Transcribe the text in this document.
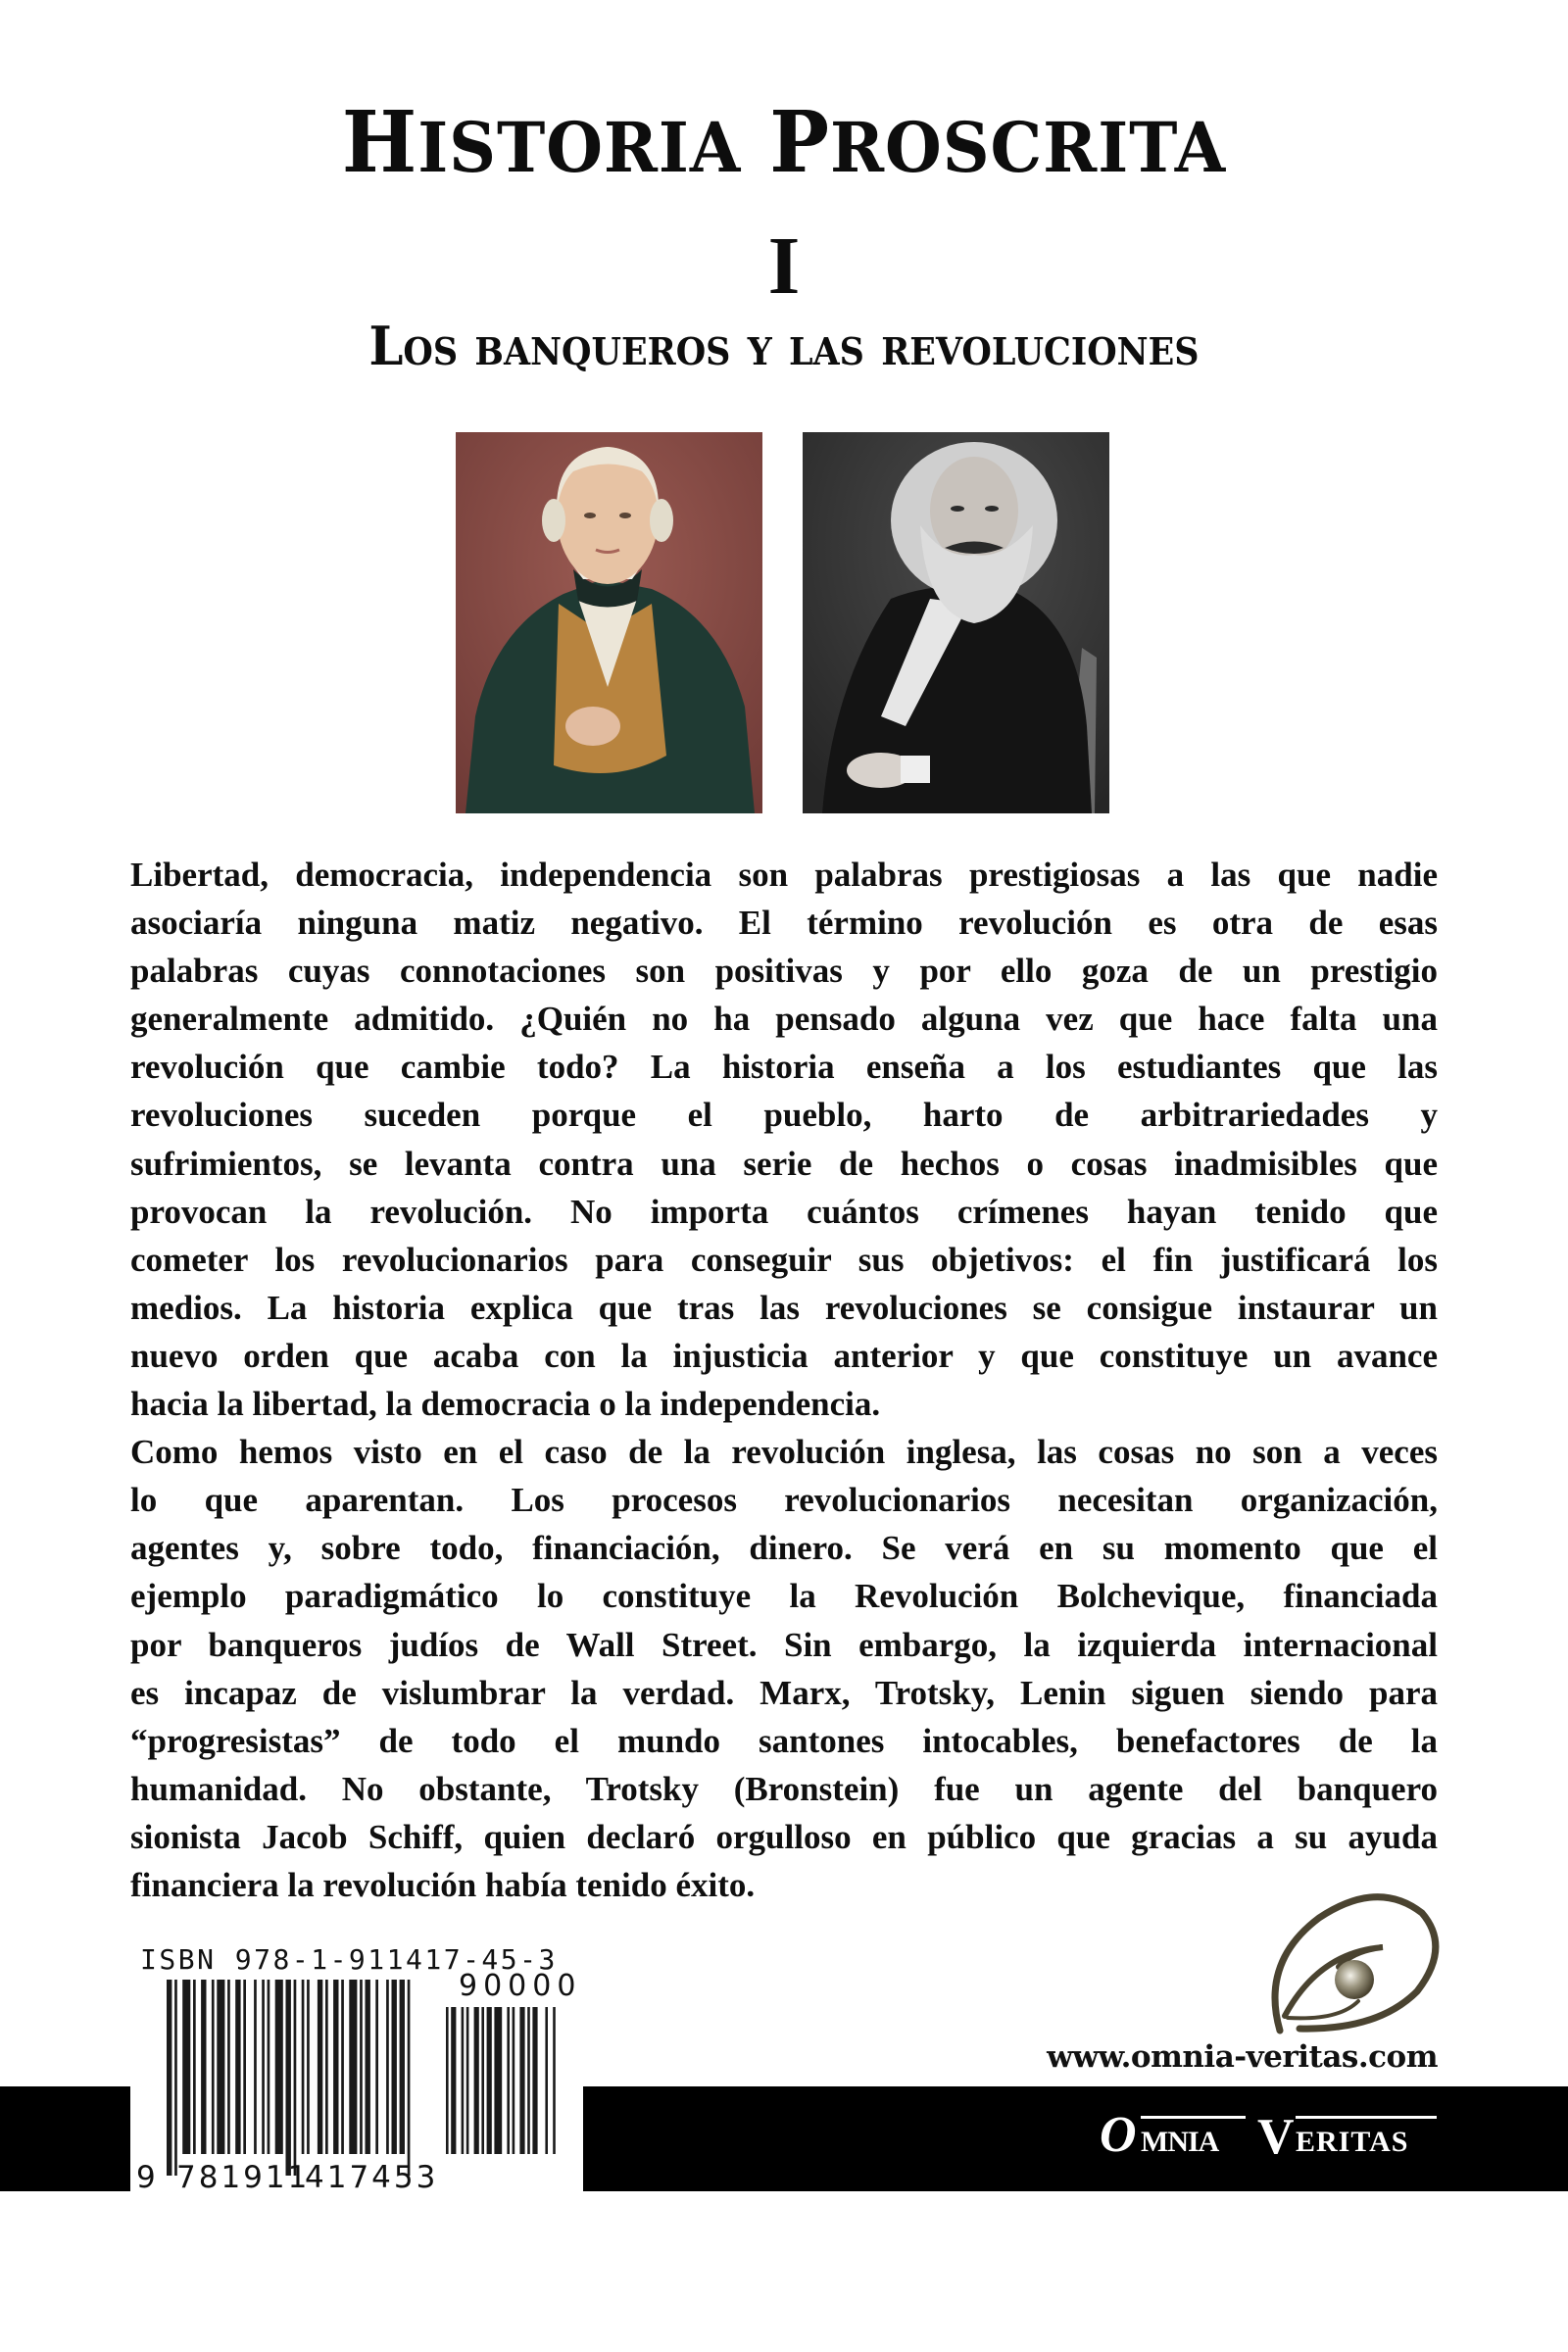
HISTORIA PROSCRITA
I
Los banqueros y las revoluciones
Libertad, democracia, independencia son palabras prestigiosas a las que nadie
asociaría ninguna matiz negativo. El término revolución es otra de esas
palabras cuyas connotaciones son positivas y por ello goza de un prestigio
generalmente admitido. ¿Quién no ha pensado alguna vez que hace falta una
revolución que cambie todo? La historia enseña a los estudiantes que las
revoluciones suceden porque el pueblo, harto de arbitrariedades y
sufrimientos, se levanta contra una serie de hechos o cosas inadmisibles que
provocan la revolución. No importa cuántos crímenes hayan tenido que
cometer los revolucionarios para conseguir sus objetivos: el fin justificará los
medios. La historia explica que tras las revoluciones se consigue instaurar un
nuevo orden que acaba con la injusticia anterior y que constituye un avance
hacia la libertad, la democracia o la independencia.
Como hemos visto en el caso de la revolución inglesa, las cosas no son a veces
lo que aparentan. Los procesos revolucionarios necesitan organización,
agentes y, sobre todo, financiación, dinero. Se verá en su momento que el
ejemplo paradigmático lo constituye la Revolución Bolchevique, financiada
por banqueros judíos de Wall Street. Sin embargo, la izquierda internacional
es incapaz de vislumbrar la verdad. Marx, Trotsky, Lenin siguen siendo para
“progresistas” de todo el mundo santones intocables, benefactores de la
humanidad. No obstante, Trotsky (Bronstein) fue un agente del banquero
sionista Jacob Schiff, quien declaró orgulloso en público que gracias a su ayuda
financiera la revolución había tenido éxito.
ISBN 978-1-911417-45-3
90000
9 781911
417453
www.omnia-veritas.com
O MNIA V ERITAS
